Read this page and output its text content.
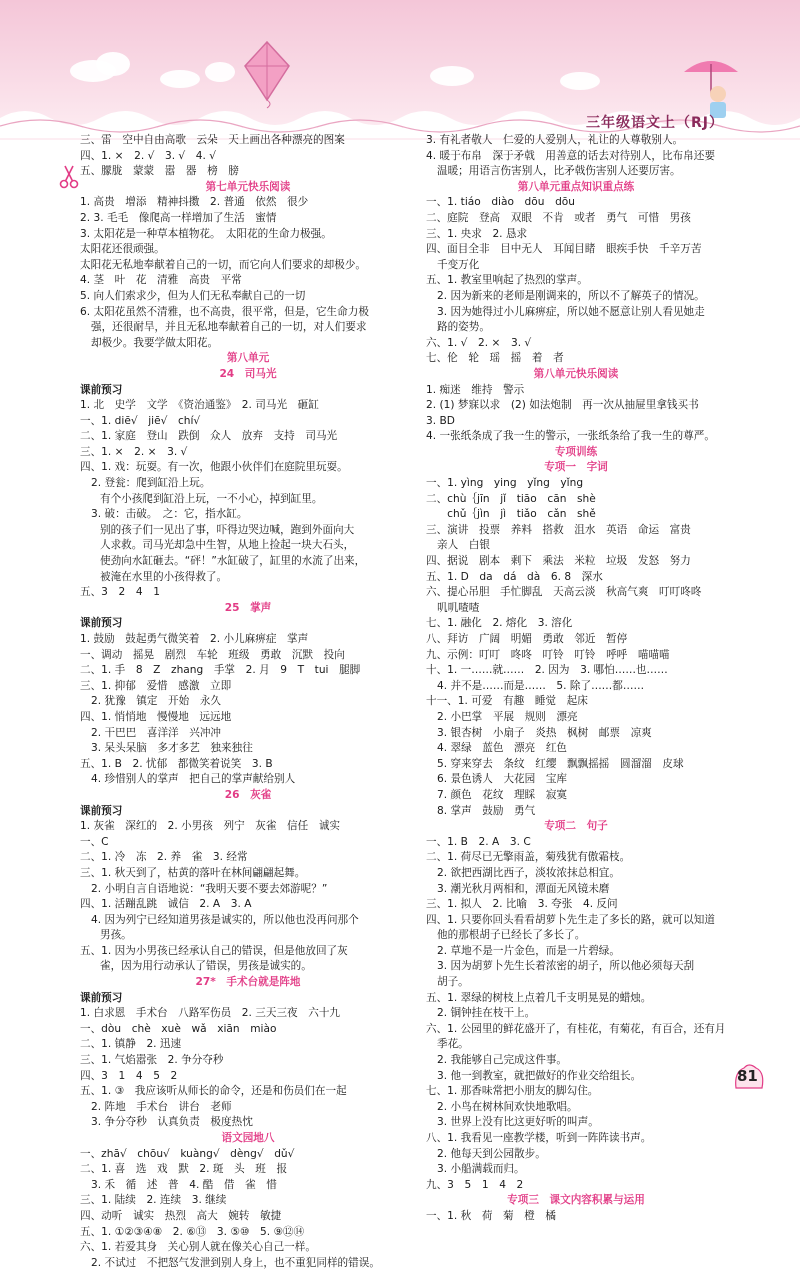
三年级语文上（RJ）
三、雷　空中自由高歌　云朵　天上画出各种漂亮的图案
四、1. ×　2. √　3. √　4. √
五、朦胧　蒙蒙　嚣　器　榜　膀
第七单元快乐阅读
1. 高贵　增添　精神抖擞　2. 普通　依然　很少
2. 3. 毛毛　像爬高一样增加了生活　蜜情
3. 太阳花是一种草本植物花。　太阳花的生命力极强。
太阳花还很顽强。
太阳花无私地奉献着自己的一切，而它向人们要求的却极少。
4. 茎　叶　花　清雅　高贵　平常
5. 向人们索求少，但为人们无私奉献自己的一切
6. 太阳花虽然不清雅，也不高贵，很平常，但是，它生命力极
强，还很耐旱，并且无私地奉献着自己的一切，对人们要求
却极少。我要学做太阳花。
第八单元
24　司马光
课前预习
1. 北　史学　文学　《资治通鉴》　2. 司马光　砸缸
一、1. diē√　jiē√　chí√
二、1. 家庭　登山　跌倒　众人　放弃　支持　司马光
三、1. ×　2. ×　3. √
四、1. 戏：玩耍。有一次，他跟小伙伴们在庭院里玩耍。
2. 登瓮：爬到缸沿上玩。
有个小孩爬到缸沿上玩，一不小心，掉到缸里。
3. 破：击破。　之：它，指水缸。
别的孩子们一见出了事，吓得边哭边喊，跑到外面向大
人求救。司马光却急中生智，从地上捡起一块大石头，
使劲向水缸砸去。“砰！”水缸破了，缸里的水流了出来，
被淹在水里的小孩得救了。
五、3　2　4　1
25　掌声
课前预习
1. 鼓励　鼓起勇气微笑着　2. 小儿麻痹症　掌声
一、调动　摇晃　剧烈　车轮　班级　勇敢　沉默　投向
二、1. 手　8　Z　zhang　手掌　2. 月　9　T　tui　腿脚
三、1. 抑郁　爱惜　感激　立即
2. 犹豫　镇定　开始　永久
四、1. 悄悄地　慢慢地　远远地
2. 干巴巴　喜洋洋　兴冲冲
3. 呆头呆脑　多才多艺　独来独往
五、1. B　2. 忧郁　都微笑着说笑　3. B
4. 珍惜别人的掌声　把自己的掌声献给别人
26　灰雀
课前预习
1. 灰雀　深红的　2. 小男孩　列宁　灰雀　信任　诚实
一、C
二、1. 冷　冻　2. 养　雀　3. 经常
三、1. 秋天到了，枯黄的落叶在林间翩翩起舞。
2. 小明自言自语地说：“我明天要不要去郊游呢？”
四、1. 活蹦乱跳　诚信　2. A　3. A
4. 因为列宁已经知道男孩是诚实的，所以他也没再问那个
男孩。
五、1. 因为小男孩已经承认自己的错误，但是他放回了灰
雀，因为用行动承认了错误，男孩是诚实的。
27*　手术台就是阵地
课前预习
1. 白求恩　手术台　八路军伤员　2. 三天三夜　六十九
一、dòu　chè　xuè　wǎ　xiān　miào
二、1. 镇静　2. 迅速
三、1. 气焰嚣张　2. 争分夺秒
四、3　1　4　5　2
五、1. ③　我应该听从师长的命令，还是和伤员们在一起
2. 阵地　手术台　讲台　老师
3. 争分夺秒　认真负责　极度热忱
语文园地八
一、zhā√　chōu√　kuàng√　dèng√　dǔ√
二、1. 喜　选　戏　默　2. 斑　头　班　报
3. 禾　循　述　普　4. 酷　借　雀　惜
三、1. 陆续　2. 连续　3. 继续
四、动听　诚实　热烈　高大　婉转　敏捷
五、1. ①②③④⑧　2. ⑥⑬　3. ⑤⑩　5. ⑨⑫⑭
六、1. 若爱其身　关心别人就在像关心自己一样。
2. 不试过　不把怒气发泄到别人身上，也不重犯同样的错误。
3. 有礼者敬人　仁爱的人爱别人，礼让的人尊敬别人。
4. 暖于布帛　深于矛戟　用善意的话去对待别人，比布帛还要
温暖；用语言伤害别人，比矛戟伤害别人还要厉害。
第八单元重点知识重点练
一、1. tiáo　diào　dōu　dōu
二、庭院　登高　双眼　不肯　或者　勇气　可惜　男孩
三、1. 央求　2. 恳求
四、面目全非　目中无人　耳闻目睹　眼疾手快　千辛万苦
千变万化
五、1. 教室里响起了热烈的掌声。
2. 因为新来的老师是刚调来的，所以不了解英子的情况。
3. 因为她得过小儿麻痹症，所以她不愿意让别人看见她走
路的姿势。
六、1. √　2. ×　3. √
七、伦　轮　瑶　摇　着　者
第八单元快乐阅读
1. 痴迷　维持　警示
2. (1) 梦寐以求　(2) 如法炮制　再一次从抽屉里拿钱买书
3. BD
4. 一张纸条成了我一生的警示，一张纸条给了我一生的尊严。
专项训练
专项一　字词
一、1. yìng　ying　yǐng　yǐng
二、chù｛jīn　jǐ　tiāo　cān　shè
　　chǔ｛jìn　jì　tiǎo　cǎn　shě
三、演讲　投票　养料　搭救　沮水　英语　命运　富贵
亲人　白银
四、据说　剧本　剩下　乘法　米粒　垃圾　发怒　努力
五、1. D　da　dá　dà　6. 8　深水
六、提心吊胆　手忙脚乱　天高云淡　秋高气爽　叮叮咚咚
叽叽喳喳
七、1. 融化　2. 熔化　3. 溶化
八、拜访　广阔　明媚　勇敢　邻近　暂停
九、示例：叮叮　咚咚　叮铃　叮铃　呼呼　喵喵喵
十、1. 一……就……　2. 因为　3. 哪怕……也……
4. 并不是……而是……　5. 除了……都……
十一、1. 可爱　有趣　睡觉　起床
2. 小巴掌　平展　规则　漂亮
3. 银杏树　小扇子　炎热　枫树　邮票　凉爽
4. 翠绿　蓝色　漂亮　红色
5. 穿来穿去　条纹　红缨　飘飘摇摇　圆溜溜　皮球
6. 景色诱人　大花园　宝库
7. 颜色　花纹　理睬　寂寞
8. 掌声　鼓励　勇气
专项二　句子
一、1. B　2. A　3. C
二、1. 荷尽已无擎雨盖，菊残犹有傲霜枝。
2. 欲把西湖比西子，淡妆浓抹总相宜。
3. 潮光秋月两相和，潭面无风镜未磨
三、1. 拟人　2. 比喻　3. 夸张　4. 反问
四、1. 只要你回头看看胡萝卜先生走了多长的路，就可以知道
他的那根胡子已经长了多长了。
2. 草地不是一片金色，而是一片碧绿。
3. 因为胡萝卜先生长着浓密的胡子，所以他必须每天刮
胡子。
五、1. 翠绿的树枝上点着几千支明晃晃的蜡烛。
2. 铜钟挂在枝干上。
六、1. 公园里的鲜花盛开了，有桂花，有菊花，有百合，还有月
季花。
2. 我能够自己完成这件事。
3. 他一到教室，就把做好的作业交给组长。
七、1. 那香味常把小朋友的脚勾住。
2. 小鸟在树林间欢快地歌唱。
3. 世界上没有比这更好听的叫声。
八、1. 我看见一座教学楼，听到一阵阵读书声。
2. 他每天到公园散步。
3. 小船满载而归。
九、3　5　1　4　2
专项三　课文内容积累与运用
一、1. 秋　荷　菊　橙　橘
81
